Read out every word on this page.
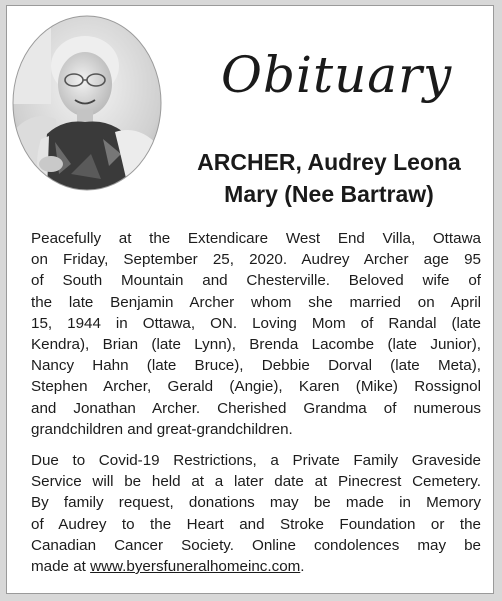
Obituary
ARCHER, Audrey Leona
Mary (Nee Bartraw)
Peacefully at the Extendicare West End Villa, Ottawa
on Friday, September 25, 2020. Audrey Archer age 95
of South Mountain and Chesterville. Beloved wife of
the late Benjamin Archer whom she married on April
15, 1944 in Ottawa, ON. Loving Mom of Randal (late
Kendra), Brian (late Lynn), Brenda Lacombe (late Junior),
Nancy Hahn (late Bruce), Debbie Dorval (late Meta),
Stephen Archer, Gerald (Angie), Karen (Mike) Rossignol
and Jonathan Archer. Cherished Grandma of numerous
grandchildren and great-grandchildren.
Due to Covid-19 Restrictions, a Private Family Graveside
Service will be held at a later date at Pinecrest Cemetery.
By family request, donations may be made in Memory
of Audrey to the Heart and Stroke Foundation or the
Canadian Cancer Society. Online condolences may be
made at www.byersfuneralhomeinc.com.
